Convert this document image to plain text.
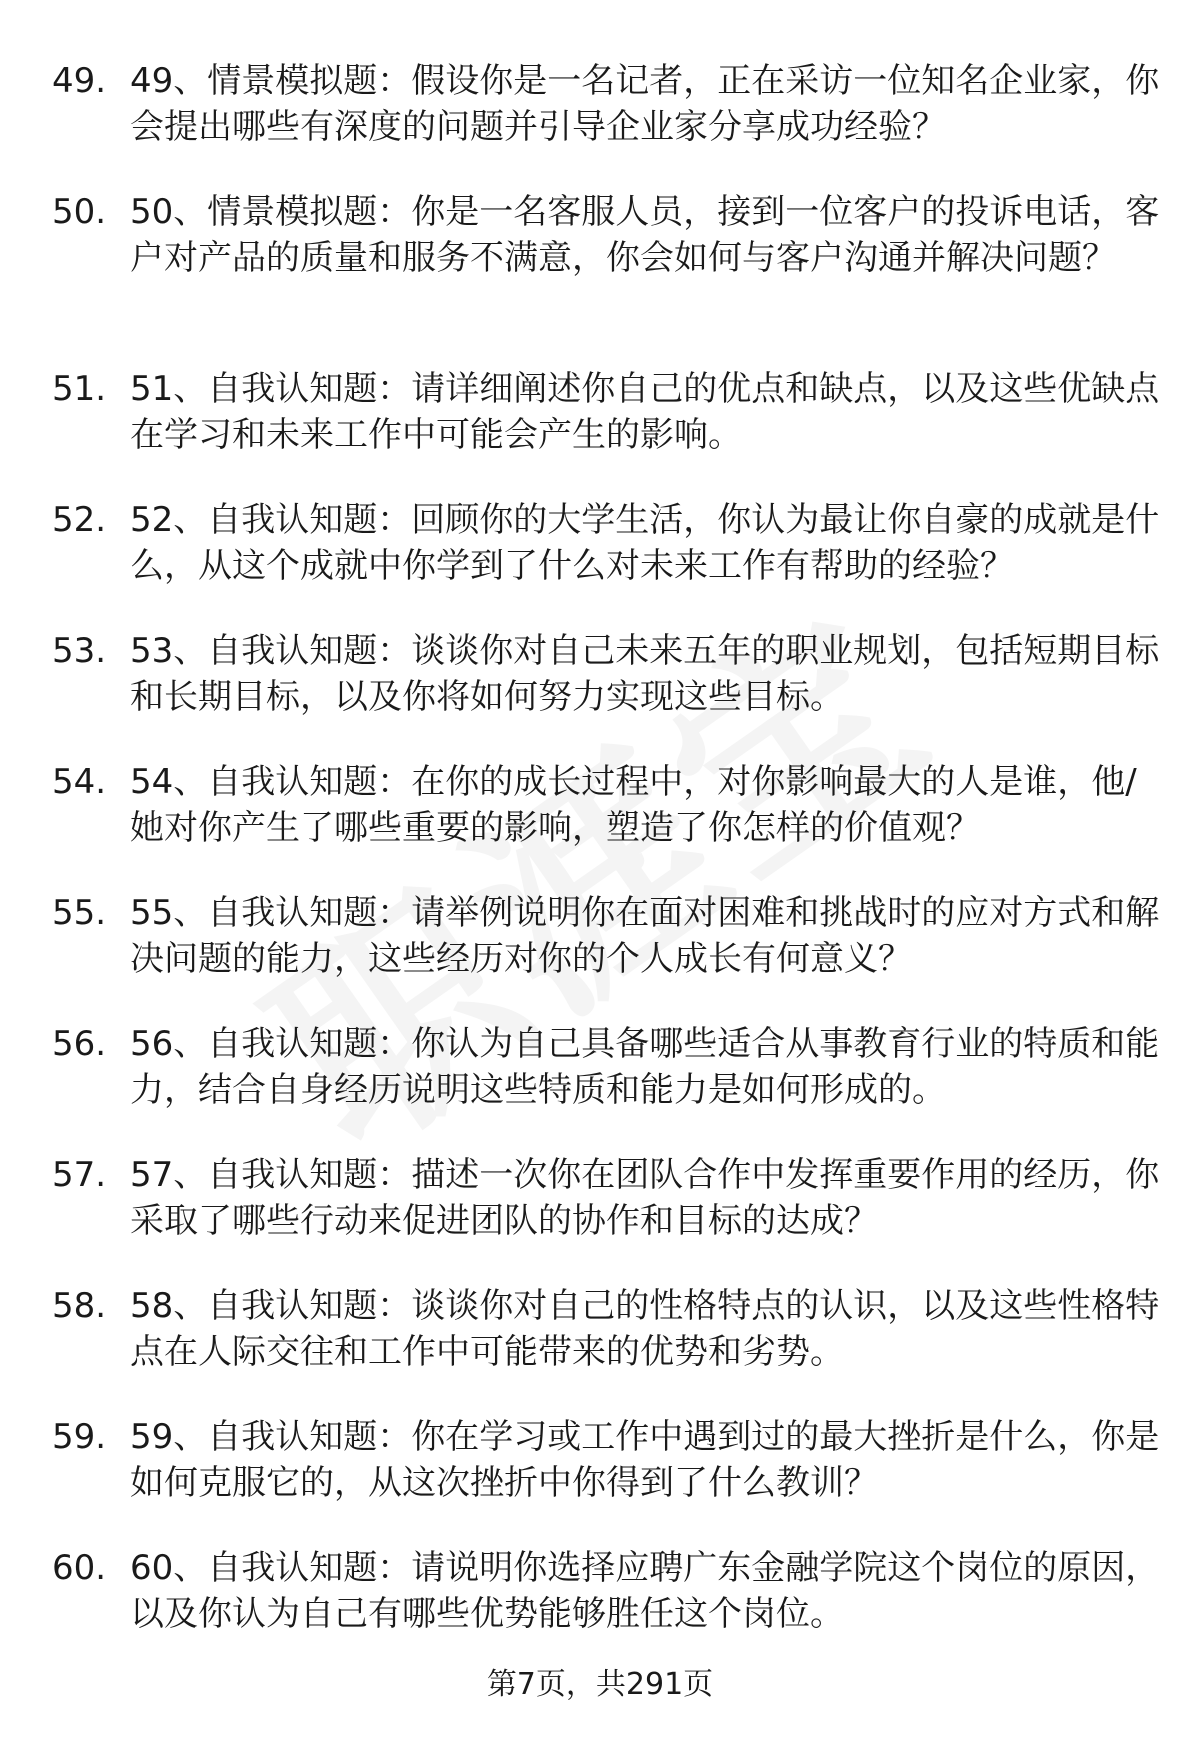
49. 49、情景模拟题：假设你是一名记者，正在采访一位知名企业家，你会提出哪些有深度的问题并引导企业家分享成功经验？
50. 50、情景模拟题：你是一名客服人员，接到一位客户的投诉电话，客户对产品的质量和服务不满意，你会如何与客户沟通并解决问题？
51. 51、自我认知题：请详细阐述你自己的优点和缺点，以及这些优缺点在学习和未来工作中可能会产生的影响。
52. 52、自我认知题：回顾你的大学生活，你认为最让你自豪的成就是什么，从这个成就中你学到了什么对未来工作有帮助的经验？
53. 53、自我认知题：谈谈你对自己未来五年的职业规划，包括短期目标和长期目标，以及你将如何努力实现这些目标。
54. 54、自我认知题：在你的成长过程中，对你影响最大的人是谁，他/她对你产生了哪些重要的影响，塑造了你怎样的价值观？
55. 55、自我认知题：请举例说明你在面对困难和挑战时的应对方式和解决问题的能力，这些经历对你的个人成长有何意义？
56. 56、自我认知题：你认为自己具备哪些适合从事教育行业的特质和能力，结合自身经历说明这些特质和能力是如何形成的。
57. 57、自我认知题：描述一次你在团队合作中发挥重要作用的经历，你采取了哪些行动来促进团队的协作和目标的达成？
58. 58、自我认知题：谈谈你对自己的性格特点的认识，以及这些性格特点在人际交往和工作中可能带来的优势和劣势。
59. 59、自我认知题：你在学习或工作中遇到过的最大挫折是什么，你是如何克服它的，从这次挫折中你得到了什么教训？
60. 60、自我认知题：请说明你选择应聘广东金融学院这个岗位的原因，以及你认为自己有哪些优势能够胜任这个岗位。
第7页，共291页
